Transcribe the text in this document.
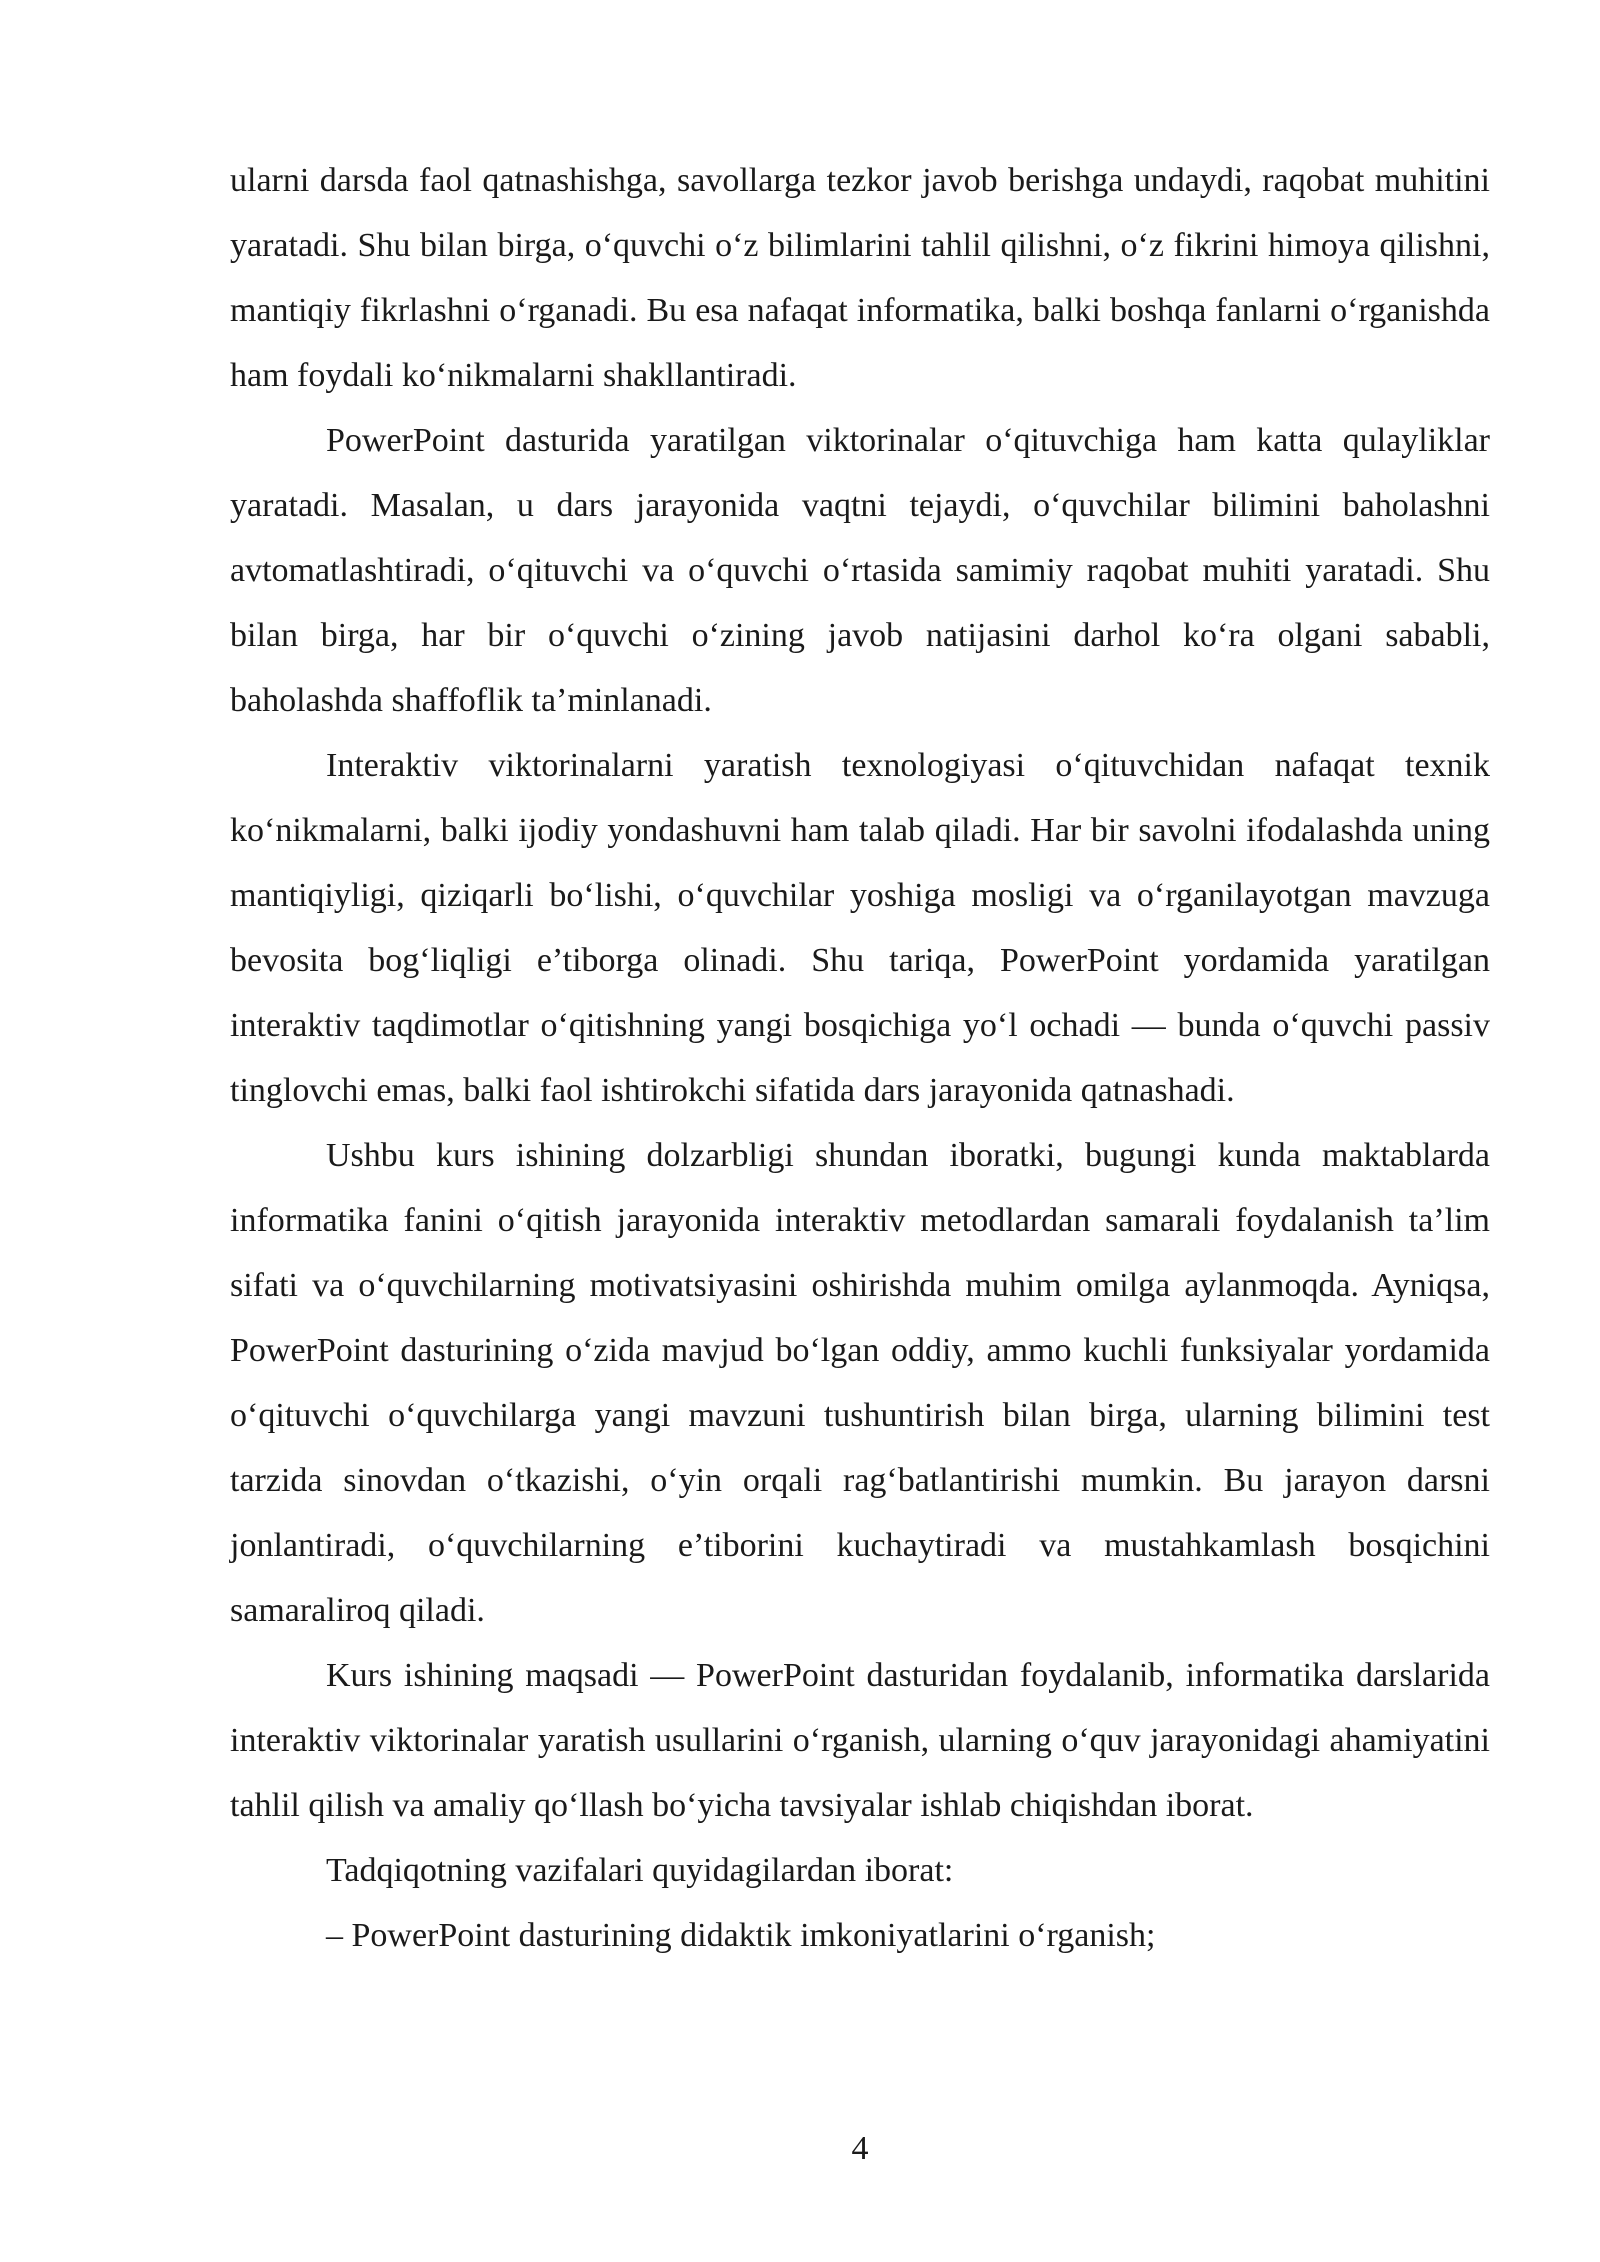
ularni darsda faol qatnashishga, savollarga tezkor javob berishga undaydi, raqobat muhitini yaratadi. Shu bilan birga, o‘quvchi o‘z bilimlarini tahlil qilishni, o‘z fikrini himoya qilishni, mantiqiy fikrlashni o‘rganadi. Bu esa nafaqat informatika, balki boshqa fanlarni o‘rganishda ham foydali ko‘nikmalarni shakllantiradi.

PowerPoint dasturida yaratilgan viktorinalar o‘qituvchiga ham katta qulayliklar yaratadi. Masalan, u dars jarayonida vaqtni tejaydi, o‘quvchilar bilimini baholashni avtomatlashtiradi, o‘qituvchi va o‘quvchi o‘rtasida samimiy raqobat muhiti yaratadi. Shu bilan birga, har bir o‘quvchi o‘zining javob natijasini darhol ko‘ra olgani sababli, baholashda shaffoflik ta’minlanadi.

Interaktiv viktorinalarni yaratish texnologiyasi o‘qituvchidan nafaqat texnik ko‘nikmalarni, balki ijodiy yondashuvni ham talab qiladi. Har bir savolni ifodalashda uning mantiqiyligi, qiziqarli bo‘lishi, o‘quvchilar yoshiga mosligi va o‘rganilayotgan mavzuga bevosita bog‘liqligi e’tiborga olinadi. Shu tariqa, PowerPoint yordamida yaratilgan interaktiv taqdimotlar o‘qitishning yangi bosqichiga yo‘l ochadi — bunda o‘quvchi passiv tinglovchi emas, balki faol ishtirokchi sifatida dars jarayonida qatnashadi.

Ushbu kurs ishining dolzarbligi shundan iboratki, bugungi kunda maktablarda informatika fanini o‘qitish jarayonida interaktiv metodlardan samarali foydalanish ta’lim sifati va o‘quvchilarning motivatsiyasini oshirishda muhim omilga aylanmoqda. Ayniqsa, PowerPoint dasturining o‘zida mavjud bo‘lgan oddiy, ammo kuchli funksiyalar yordamida o‘qituvchi o‘quvchilarga yangi mavzuni tushuntirish bilan birga, ularning bilimini test tarzida sinovdan o‘tkazishi, o‘yin orqali rag‘batlantirishi mumkin. Bu jarayon darsni jonlantiradi, o‘quvchilarning e’tiborini kuchaytiradi va mustahkamlash bosqichini samaraliroq qiladi.

Kurs ishining maqsadi — PowerPoint dasturidan foydalanib, informatika darslarida interaktiv viktorinalar yaratish usullarini o‘rganish, ularning o‘quv jarayonidagi ahamiyatini tahlil qilish va amaliy qo‘llash bo‘yicha tavsiyalar ishlab chiqishdan iborat.

Tadqiqotning vazifalari quyidagilardan iborat:

– PowerPoint dasturining didaktik imkoniyatlarini o‘rganish;

4
